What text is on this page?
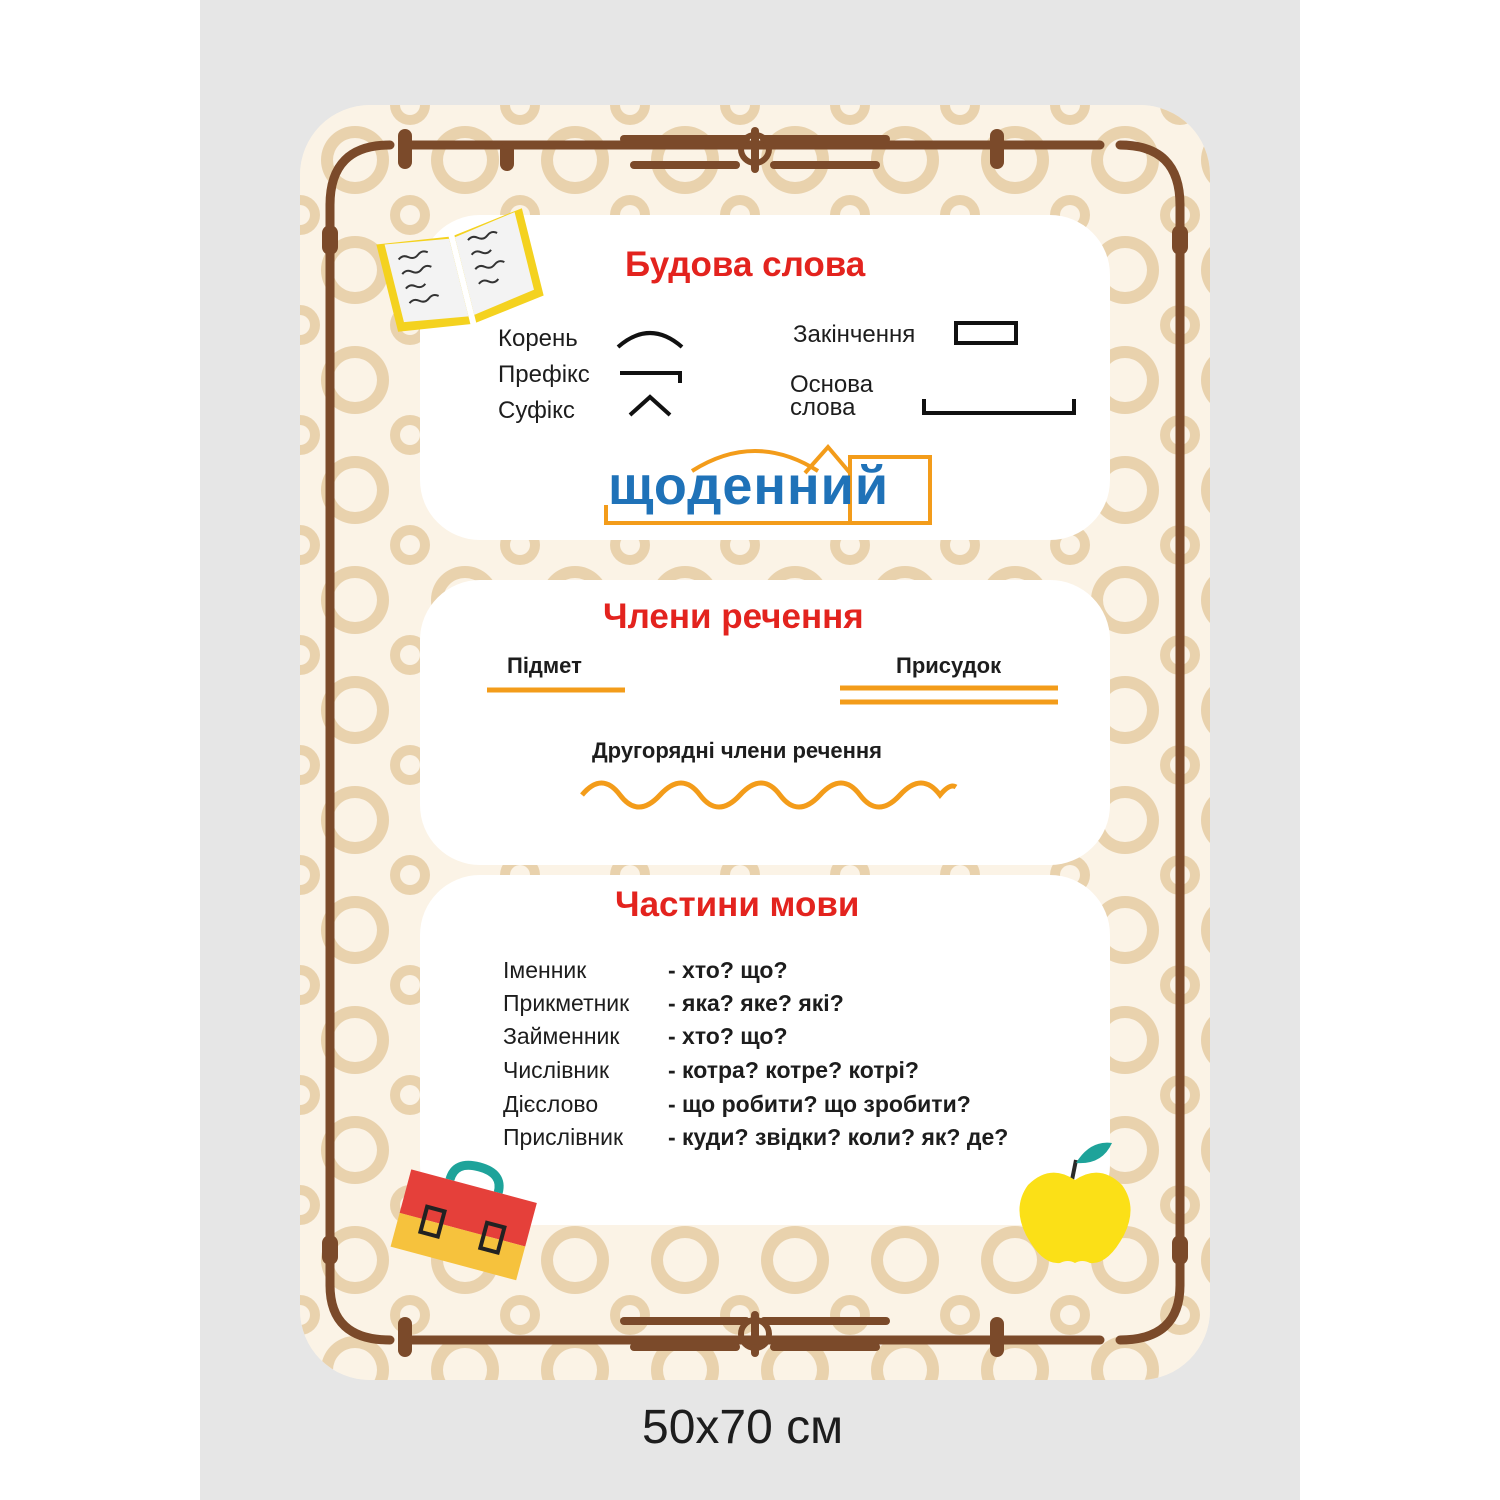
Будова слова
Корень
Префікс
Суфікс
Закінчення
Основа
слова
щоденний
Члени речення
Підмет	Присудок
Другорядні члени речення
Частини мови
Іменник	- хто? що?
Прикметник - яка? яке? які?
Займенник - хто? що?
Числівник	- котра? котре? котрі?
Дієслово	- що робити? що зробити?
Прислівник - куди? звідки? коли? як? де?
50x70 см
